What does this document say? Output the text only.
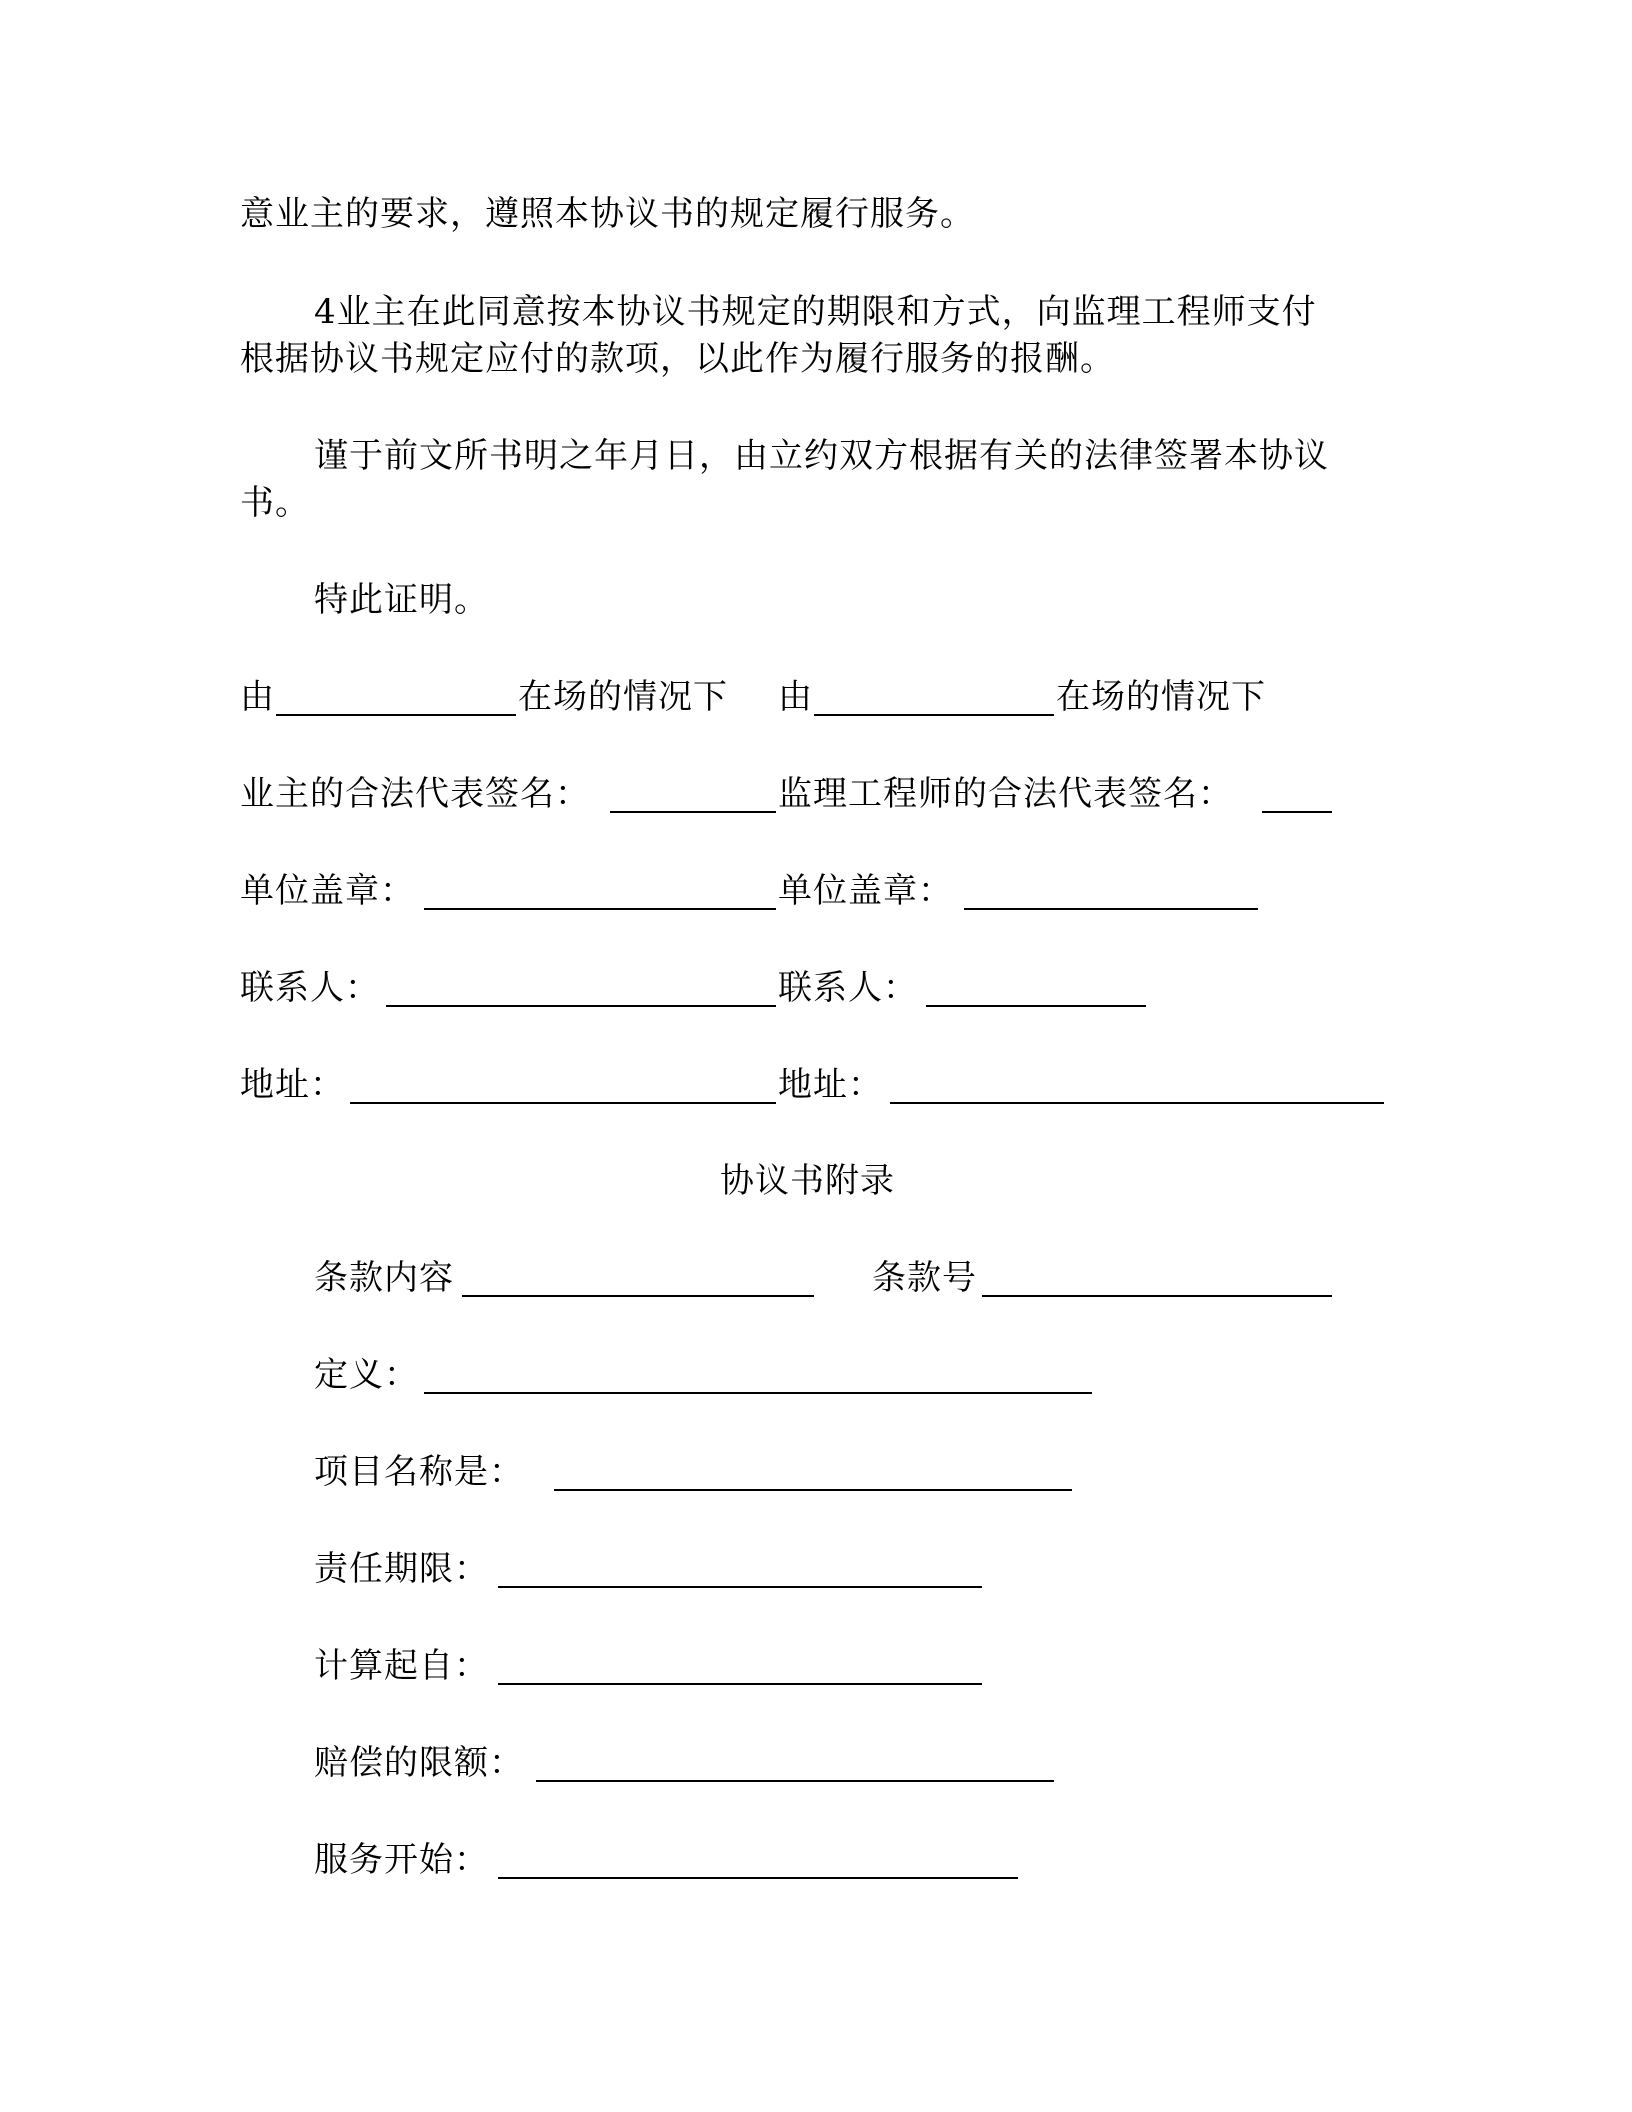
意业主的要求，遵照本协议书的规定履行服务。
4业主在此同意按本协议书规定的期限和方式，向监理工程师支付
根据协议书规定应付的款项，以此作为履行服务的报酬。
谨于前文所书明之年月日，由立约双方根据有关的法律签署本协议
书。
特此证明。
由	在场的情况下 由	在场的情况下
业主的合法代表签名：	监理工程师的合法代表签名：
单位盖章：	单位盖章：
联系人：	联系人：
地址：	地址：
协议书附录
条款内容	条款号
定义：
项目名称是：
责任期限：
计算起自：
赔偿的限额：
服务开始：
